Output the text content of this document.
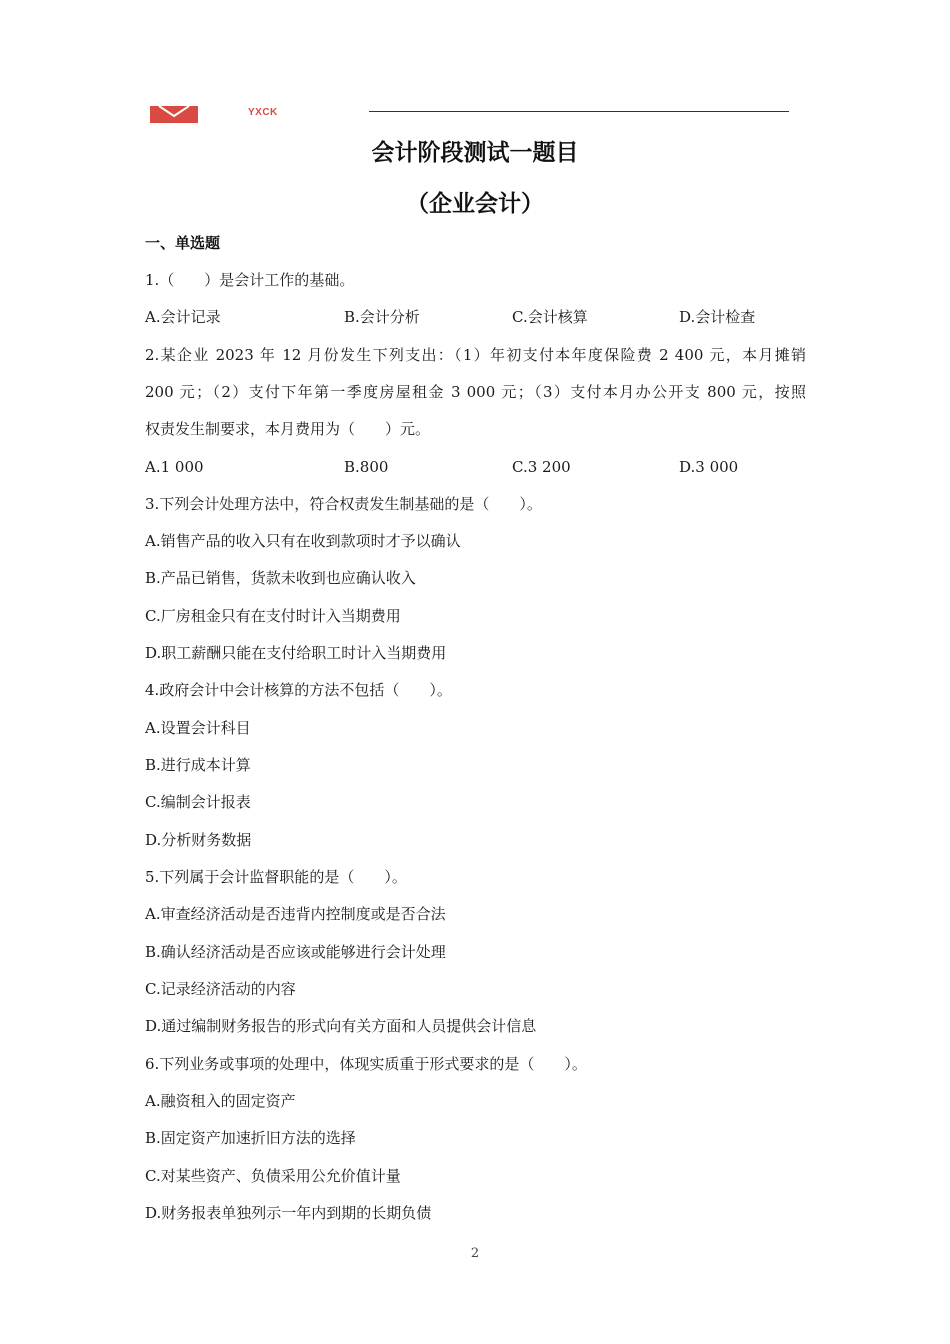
YXCK
会计阶段测试一题目
（企业会计）
一、单选题
1.（　　）是会计工作的基础。
A.会计记录	B.会计分析	C.会计核算	D.会计检查
2.某企业 2023 年 12 月份发生下列支出：（1）年初支付本年度保险费 2 400 元，本月摊销
200 元；（2）支付下年第一季度房屋租金 3 000 元；（3）支付本月办公开支 800 元，按照
权责发生制要求，本月费用为（　　）元。
A.1 000	B.800	C.3 200	D.3 000
3.下列会计处理方法中，符合权责发生制基础的是（　　）。
A.销售产品的收入只有在收到款项时才予以确认
B.产品已销售，货款未收到也应确认收入
C.厂房租金只有在支付时计入当期费用
D.职工薪酬只能在支付给职工时计入当期费用
4.政府会计中会计核算的方法不包括（　　）。
A.设置会计科目
B.进行成本计算
C.编制会计报表
D.分析财务数据
5.下列属于会计监督职能的是（　　）。
A.审查经济活动是否违背内控制度或是否合法
B.确认经济活动是否应该或能够进行会计处理
C.记录经济活动的内容
D.通过编制财务报告的形式向有关方面和人员提供会计信息
6.下列业务或事项的处理中，体现实质重于形式要求的是（　　）。
A.融资租入的固定资产
B.固定资产加速折旧方法的选择
C.对某些资产、负债采用公允价值计量
D.财务报表单独列示一年内到期的长期负债
2
